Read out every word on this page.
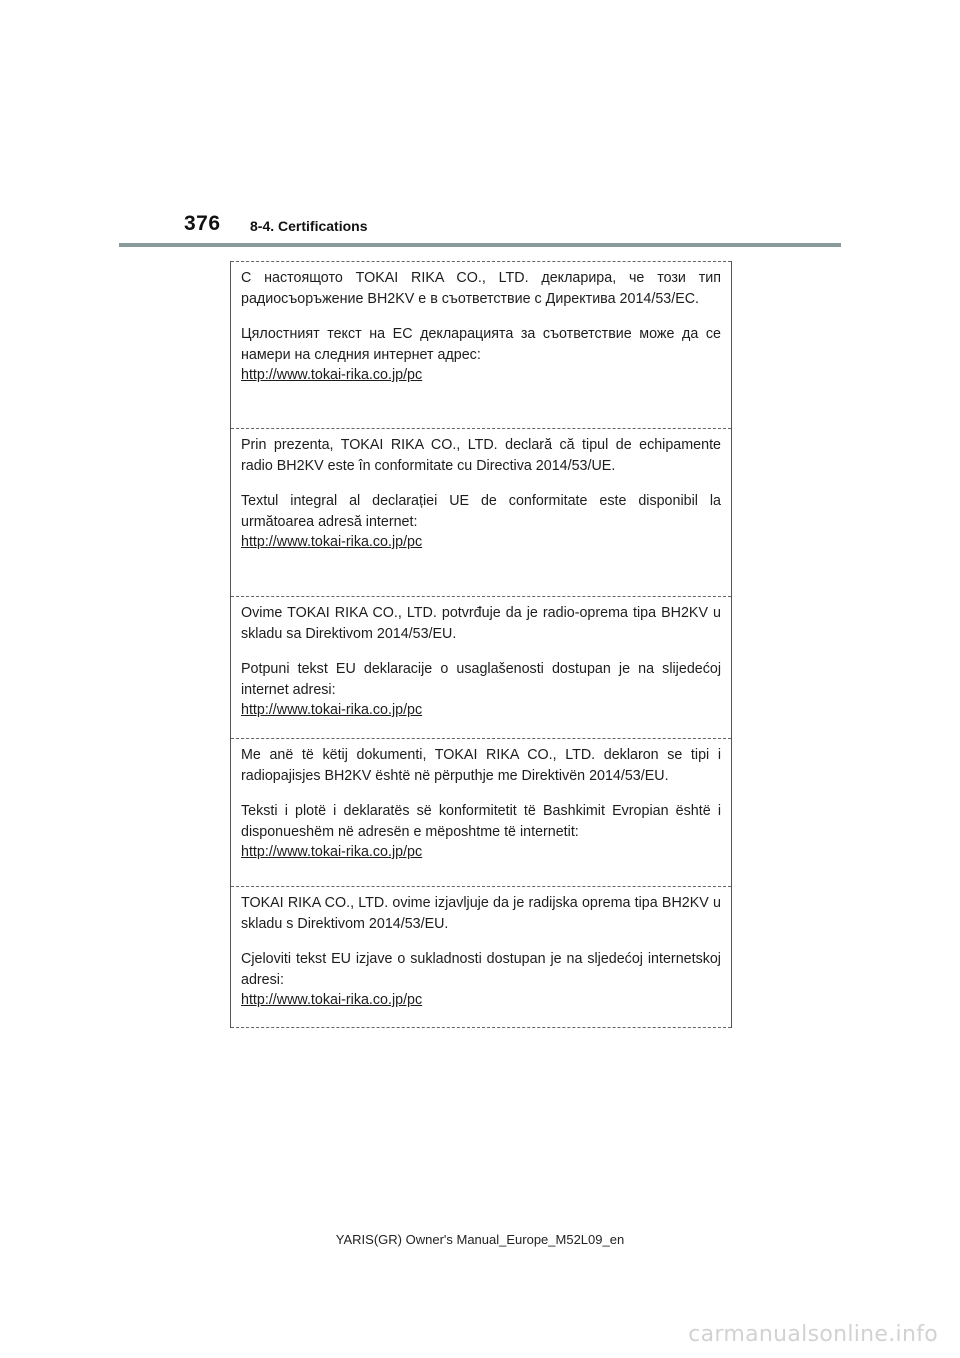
376 8-4. Certifications

С настоящото TOKAI RIKA CO., LTD. декларира, че този тип радиосъоръжение BH2KV е в съответствие с Директива 2014/53/ЕС.

Цялостният текст на ЕС декларацията за съответствие може да се намери на следния интернет адрес:

http://www.tokai-rika.co.jp/pc

Prin prezenta, TOKAI RIKA CO., LTD. declară că tipul de echipamente radio BH2KV este în conformitate cu Directiva 2014/53/UE.

Textul integral al declarației UE de conformitate este disponibil la următoarea adresă internet:

http://www.tokai-rika.co.jp/pc

Ovime TOKAI RIKA CO., LTD. potvrđuje da je radio-oprema tipa BH2KV u skladu sa Direktivom 2014/53/EU.

Potpuni tekst EU deklaracije o usaglašenosti dostupan je na slijedećoj internet adresi:

http://www.tokai-rika.co.jp/pc

Me anë të këtij dokumenti, TOKAI RIKA CO., LTD. deklaron se tipi i radiopajisjes BH2KV është në përputhje me Direktivën 2014/53/EU.

Teksti i plotë i deklaratës së konformitetit të Bashkimit Evropian është i disponueshëm në adresën e mëposhtme të internetit:

http://www.tokai-rika.co.jp/pc

TOKAI RIKA CO., LTD. ovime izjavljuje da je radijska oprema tipa BH2KV u skladu s Direktivom 2014/53/EU.

Cjeloviti tekst EU izjave o sukladnosti dostupan je na sljedećoj internetskoj adresi:

http://www.tokai-rika.co.jp/pc
YARIS(GR) Owner's Manual_Europe_M52L09_en
carmanualsonline.info
